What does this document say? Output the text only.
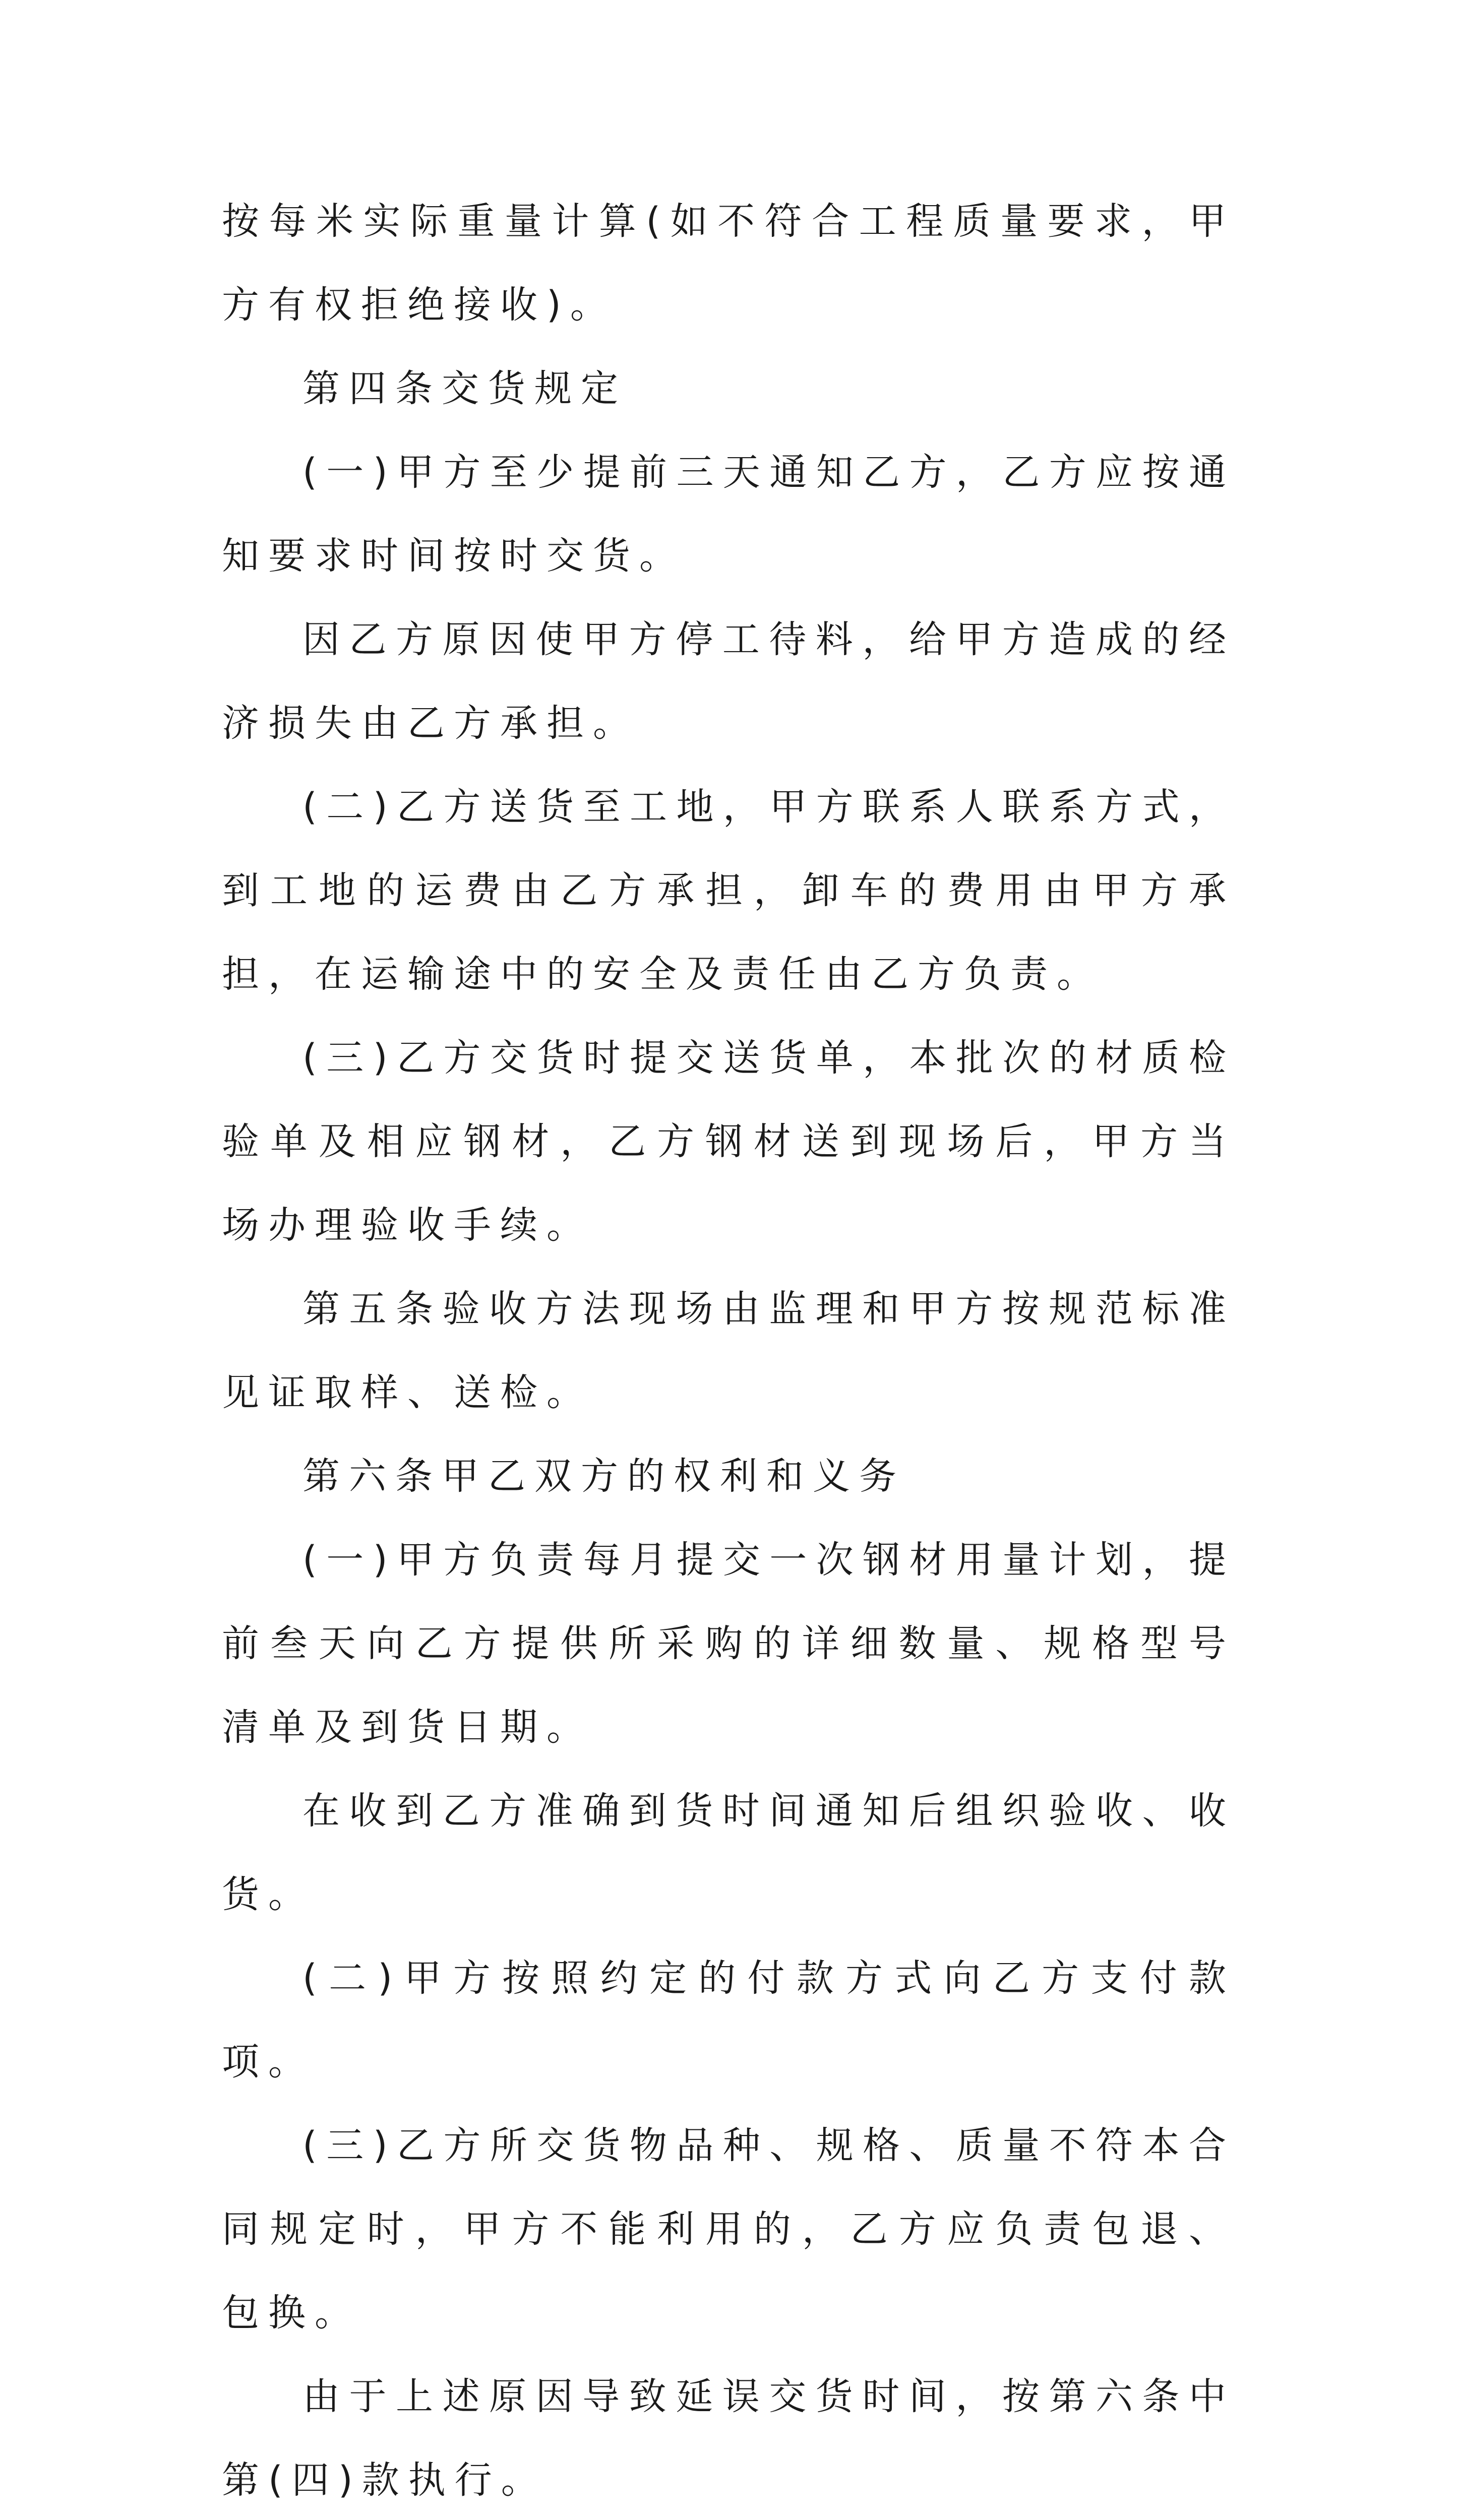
按每米实际重量计算(如不符合工程质量要求，甲方有权拒绝接收)。

第四条交货规定

(一)甲方至少提前三天通知乙方，乙方应按通知要求时间按时交货。

因乙方原因使甲方停工待料，给甲方造成的经济损失由乙方承担。

(二)乙方送货至工地，甲方联系人联系方式，到工地的运费由乙方承担，卸车的费用由甲方承担，在运输途中的安全及责任由乙方负责。

(三)乙方交货时提交送货单，本批次的材质检验单及相应钢材，乙方钢材送到现场后，甲方当场办理验收手续。

第五条验收方法现场由监理和甲方按规范标准见证取样、送检。

第六条甲乙双方的权利和义务

(一)甲方负责每月提交一次钢材用量计划，提前叁天向乙方提供所采购的详细数量、规格型号清单及到货日期。

在收到乙方准确到货时间通知后组织验收、收货。

(二)甲方按照约定的付款方式向乙方支付款项。

(三)乙方所交货物品种、规格、质量不符本合同规定时，甲方不能利用的，乙方应负责包退、包换。

由于上述原因导致延误交货时间，按第六条中第(四)款执行。
